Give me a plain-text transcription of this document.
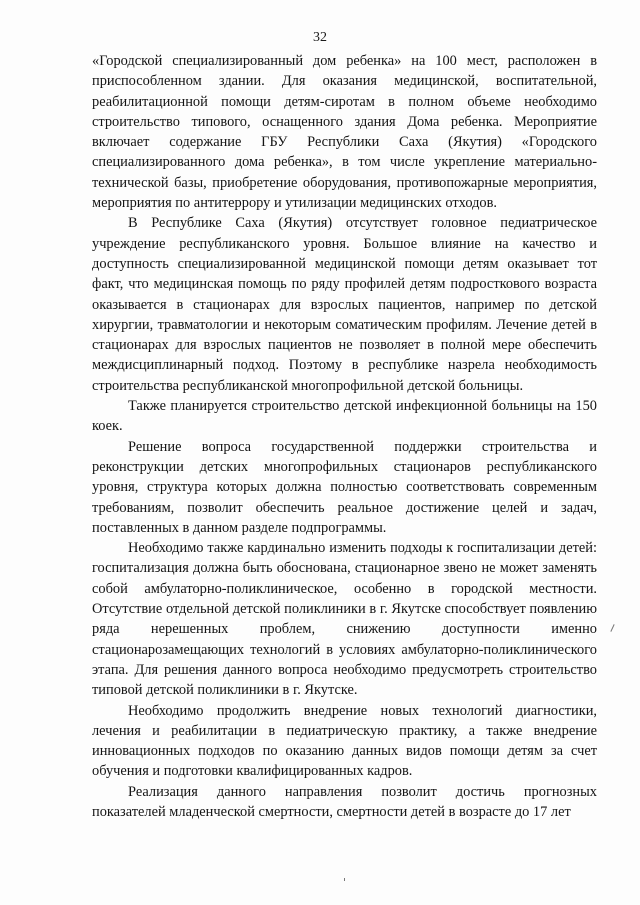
32

«Городской специализированный дом ребенка» на 100 мест, расположен в приспособленном здании. Для оказания медицинской, воспитательной, реабилитационной помощи детям-сиротам в полном объеме необходимо строительство типового, оснащенного здания Дома ребенка. Мероприятие включает содержание ГБУ Республики Саха (Якутия) «Городского специализированного дома ребенка», в том числе укрепление материально-технической базы, приобретение оборудования, противопожарные мероприятия, мероприятия по антитеррору и утилизации медицинских отходов.

В Республике Саха (Якутия) отсутствует головное педиатрическое учреждение республиканского уровня. Большое влияние на качество и доступность специализированной медицинской помощи детям оказывает тот факт, что медицинская помощь по ряду профилей детям подросткового возраста оказывается в стационарах для взрослых пациентов, например по детской хирургии, травматологии и некоторым соматическим профилям. Лечение детей в стационарах для взрослых пациентов не позволяет в полной мере обеспечить междисциплинарный подход. Поэтому в республике назрела необходимость строительства республиканской многопрофильной детской больницы.

Также планируется строительство детской инфекционной больницы на 150 коек.

Решение вопроса государственной поддержки строительства и реконструкции детских многопрофильных стационаров республиканского уровня, структура которых должна полностью соответствовать современным требованиям, позволит обеспечить реальное достижение целей и задач, поставленных в данном разделе подпрограммы.

Необходимо также кардинально изменить подходы к госпитализации детей: госпитализация должна быть обоснована, стационарное звено не может заменять собой амбулаторно-поликлиническое, особенно в городской местности. Отсутствие отдельной детской поликлиники в г. Якутске способствует появлению ряда нерешенных проблем, снижению доступности именно стационарозамещающих технологий в условиях амбулаторно-поликлинического этапа. Для решения данного вопроса необходимо предусмотреть строительство типовой детской поликлиники в г. Якутске.

Необходимо продолжить внедрение новых технологий диагностики, лечения и реабилитации в педиатрическую практику, а также внедрение инновационных подходов по оказанию данных видов помощи детям за счет обучения и подготовки квалифицированных кадров.

Реализация данного направления позволит достичь прогнозных показателей младенческой смертности, смертности детей в возрасте до 17 лет
